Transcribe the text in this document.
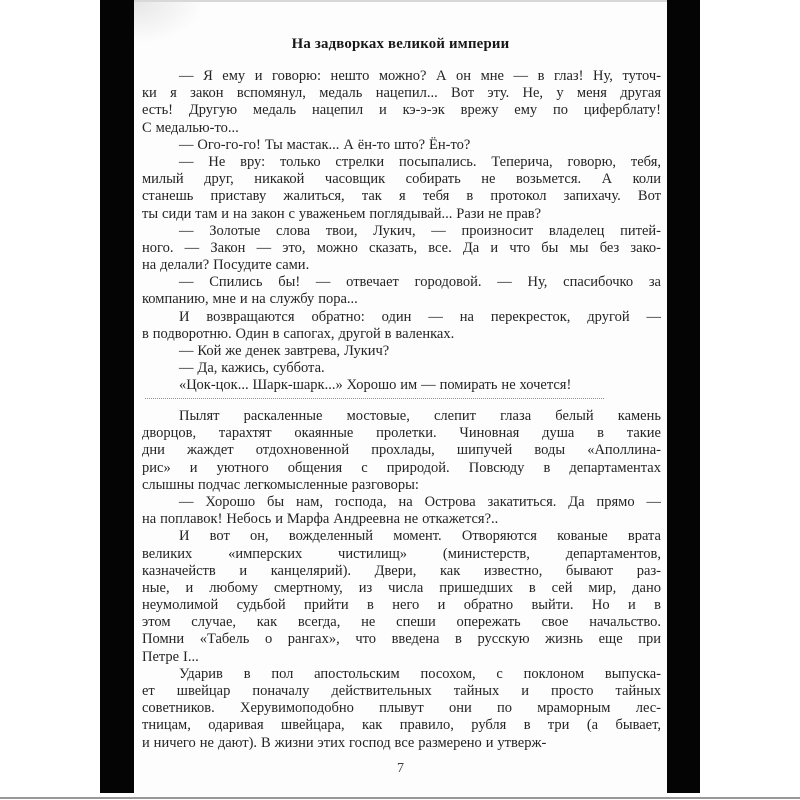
На задворках великой империи
— Я ему и говорю: нешто можно? А он мне — в глаз! Ну, туточ-
ки я закон вспомянул, медаль нацепил... Вот эту. Не, у меня другая
есть! Другую медаль нацепил и кэ-э-эк врежу ему по циферблату!
С медалью-то...
— Ого-го-го! Ты мастак... А ён-то што? Ён-то?
— Не вру: только стрелки посыпались. Теперича, говорю, тебя,
милый друг, никакой часовщик собирать не возьмется. А коли
станешь приставу жалиться, так я тебя в протокол запихачу. Вот
ты сиди там и на закон с уваженьем поглядывай... Рази не прав?
— Золотые слова твои, Лукич, — произносит владелец питей-
ного. — Закон — это, можно сказать, все. Да и что бы мы без зако-
на делали? Посудите сами.
— Спились бы! — отвечает городовой. — Ну, спасибочко за
компанию, мне и на службу пора...
И возвращаются обратно: один — на перекресток, другой —
в подворотню. Один в сапогах, другой в валенках.
— Кой же денек завтрева, Лукич?
— Да, кажись, суббота.
«Цок-цок... Шарк-шарк...» Хорошо им — помирать не хочется!
Пылят раскаленные мостовые, слепит глаза белый камень
дворцов, тарахтят окаянные пролетки. Чиновная душа в такие
дни жаждет отдохновенной прохлады, шипучей воды «Аполлина-
рис» и уютного общения с природой. Повсюду в департаментах
слышны подчас легкомысленные разговоры:
— Хорошо бы нам, господа, на Острова закатиться. Да прямо —
на поплавок! Небось и Марфа Андреевна не откажется?..
И вот он, вожделенный момент. Отворяются кованые врата
великих «имперских чистилищ» (министерств, департаментов,
казначейств и канцелярий). Двери, как известно, бывают раз-
ные, и любому смертному, из числа пришедших в сей мир, дано
неумолимой судьбой прийти в него и обратно выйти. Но и в
этом случае, как всегда, не спеши опережать свое начальство.
Помни «Табель о рангах», что введена в русскую жизнь еще при
Петре I...
Ударив в пол апостольским посохом, с поклоном выпуска-
ет швейцар поначалу действительных тайных и просто тайных
советников. Херувимоподобно плывут они по мраморным лес-
тницам, одаривая швейцара, как правило, рубля в три (а бывает,
и ничего не дают). В жизни этих господ все размерено и утверж-
7
